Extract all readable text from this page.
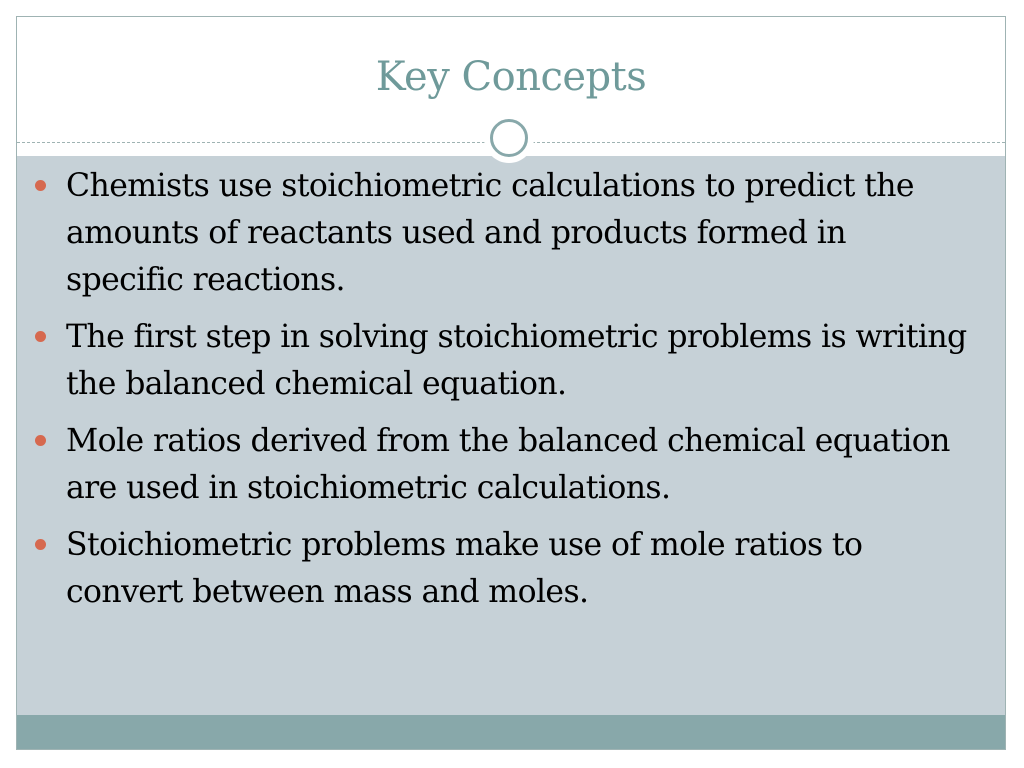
Key Concepts
Chemists use stoichiometric calculations to predict the amounts of reactants used and products formed in specific reactions.
The first step in solving stoichiometric problems is writing the balanced chemical equation.
Mole ratios derived from the balanced chemical equation are used in stoichiometric calculations.
Stoichiometric problems make use of mole ratios to convert between mass and moles.
